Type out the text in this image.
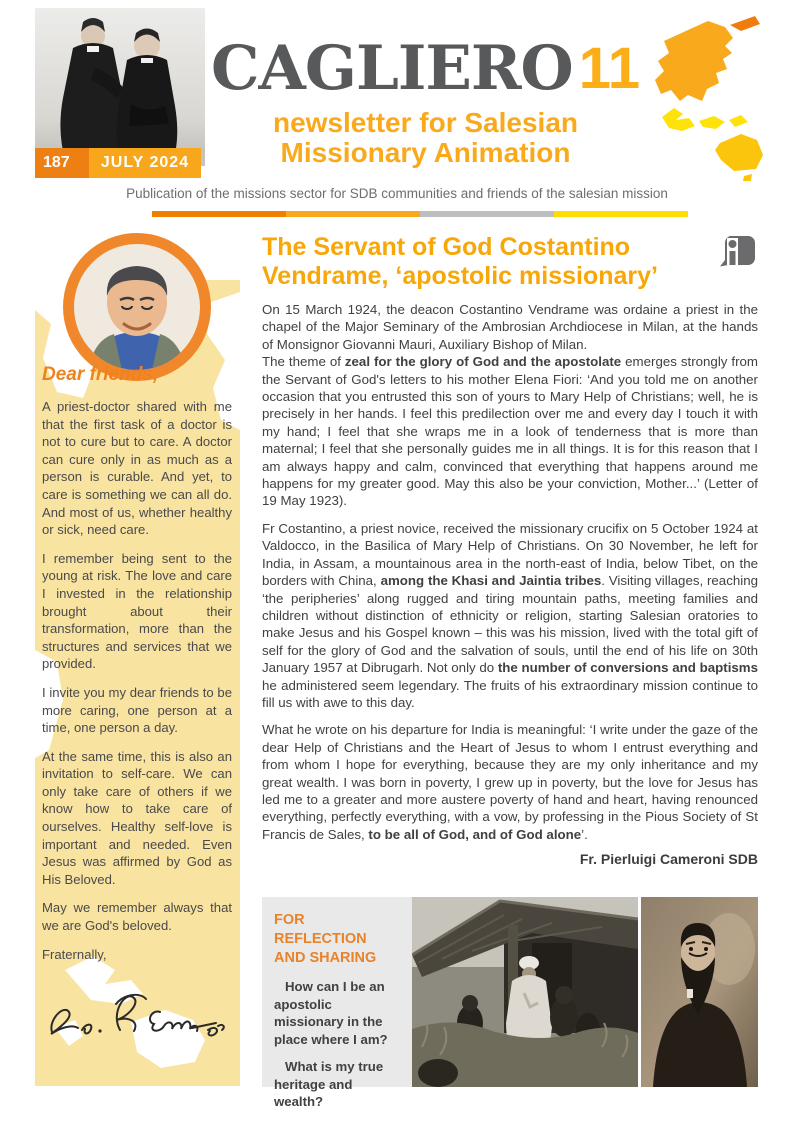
187	JULY 2024
CAGLIERO 11
newsletter for Salesian
Missionary Animation
Publication of the missions sector for SDB communities and friends of the salesian mission
Dear friends,

A priest-doctor shared with me that the first task of a doctor is not to cure but to care. A doctor can cure only in as much as a person is curable. And yet, to care is something we can all do. And most of us, whether healthy or sick, need care.

I remember being sent to the young at risk. The love and care I invested in the relationship brought about their transformation, more than the structures and services that we provided.

I invite you my dear friends to be more caring, one person at a time, one person a day.

At the same time, this is also an invitation to self-care. We can only take care of others if we know how to take care of ourselves. Healthy self-love is important and needed. Even Jesus was affirmed by God as His Beloved.

May we remember always that we are God's beloved.

Fraternally,

The Servant of God Costantino
Vendrame, ‘apostolic missionary’

On 15 March 1924, the deacon Costantino Vendrame was ordaine a priest in the chapel of the Major Seminary of the Ambrosian Archdiocese in Milan, at the hands of Monsignor Giovanni Mauri, Auxiliary Bishop of Milan.

The theme of zeal for the glory of God and the apostolate emerges strongly from the Servant of God's letters to his mother Elena Fiori: ‘And you told me on another occasion that you entrusted this son of yours to Mary Help of Christians; well, he is precisely in her hands. I feel this predilection over me and every day I touch it with my hand; I feel that she wraps me in a look of tenderness that is more than maternal; I feel that she personally guides me in all things. It is for this reason that I am always happy and calm, convinced that everything that happens around me happens for my greater good. May this also be your conviction, Mother...’ (Letter of 19 May 1923).

Fr Costantino, a priest novice, received the missionary crucifix on 5 October 1924 at Valdocco, in the Basilica of Mary Help of Christians. On 30 November, he left for India, in Assam, a mountainous area in the north-east of India, below Tibet, on the borders with China, among the Khasi and Jaintia tribes. Visiting villages, reaching ‘the peripheries’ along rugged and tiring mountain paths, meeting families and children without distinction of ethnicity or religion, starting Salesian oratories to make Jesus and his Gospel known – this was his mission, lived with the total gift of self for the glory of God and the salvation of souls, until the end of his life on 30th January 1957 at Dibrugarh. Not only do the number of conversions and baptisms he administered seem legendary. The fruits of his extraordinary mission continue to fill us with awe to this day.

What he wrote on his departure for India is meaningful: ‘I write under the gaze of the dear Help of Christians and the Heart of Jesus to whom I entrust everything and from whom I hope for everything, because they are my only inheritance and my great wealth. I was born in poverty, I grew up in poverty, but the love for Jesus has led me to a greater and more austere poverty of hand and heart, having renounced everything, perfectly everything, with a vow, by professing in the Pious Society of St Francis de Sales, to be all of God, and of God alone’.

Fr. Pierluigi Cameroni SDB
FOR REFLECTION
AND SHARING

How can I be an apostolic missionary in the place where I am?

What is my true heritage and wealth?
